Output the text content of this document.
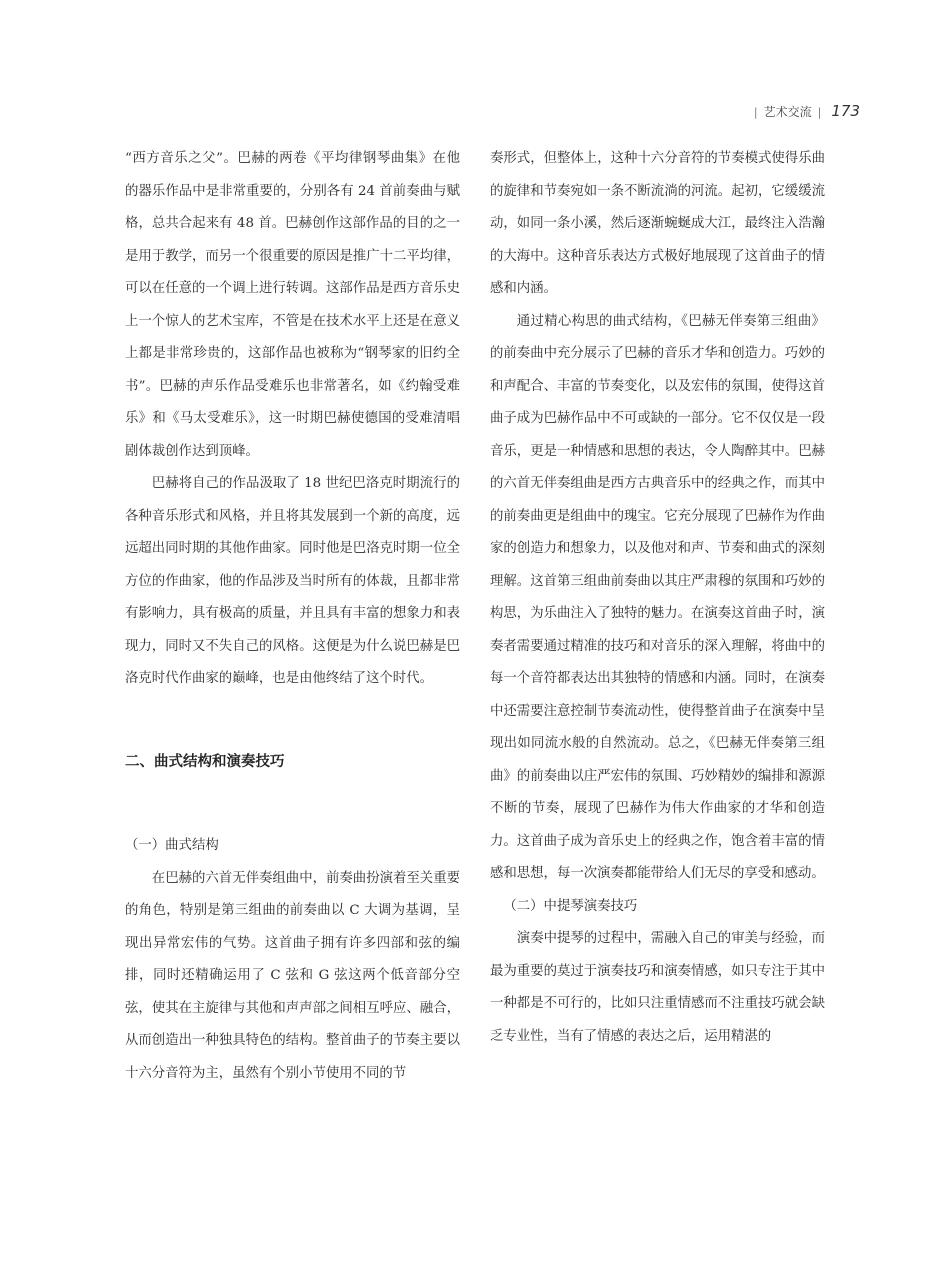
| 艺术交流 | 173

“西方音乐之父”。巴赫的两卷《平均律钢琴曲集》在他的器乐作品中是非常重要的，分别各有 24 首前奏曲与赋格，总共合起来有 48 首。巴赫创作这部作品的目的之一是用于教学，而另一个很重要的原因是推广十二平均律，可以在任意的一个调上进行转调。这部作品是西方音乐史上一个惊人的艺术宝库，不管是在技术水平上还是在意义上都是非常珍贵的，这部作品也被称为“钢琴家的旧约全书”。巴赫的声乐作品受难乐也非常著名，如《约翰受难乐》和《马太受难乐》，这一时期巴赫使德国的受难清唱剧体裁创作达到顶峰。

巴赫将自己的作品汲取了 18 世纪巴洛克时期流行的各种音乐形式和风格，并且将其发展到一个新的高度，远远超出同时期的其他作曲家。同时他是巴洛克时期一位全方位的作曲家，他的作品涉及当时所有的体裁，且都非常有影响力，具有极高的质量，并且具有丰富的想象力和表现力，同时又不失自己的风格。这便是为什么说巴赫是巴洛克时代作曲家的巅峰，也是由他终结了这个时代。

二、曲式结构和演奏技巧
（一）曲式结构

在巴赫的六首无伴奏组曲中，前奏曲扮演着至关重要的角色，特别是第三组曲的前奏曲以 C 大调为基调，呈现出异常宏伟的气势。这首曲子拥有许多四部和弦的编排，同时还精确运用了 C 弦和 G 弦这两个低音部分空弦，使其在主旋律与其他和声声部之间相互呼应、融合，从而创造出一种独具特色的结构。整首曲子的节奏主要以十六分音符为主，虽然有个别小节使用不同的节

奏形式，但整体上，这种十六分音符的节奏模式使得乐曲的旋律和节奏宛如一条不断流淌的河流。起初，它缓缓流动，如同一条小溪，然后逐渐蜿蜒成大江，最终注入浩瀚的大海中。这种音乐表达方式极好地展现了这首曲子的情感和内涵。

通过精心构思的曲式结构，《巴赫无伴奏第三组曲》的前奏曲中充分展示了巴赫的音乐才华和创造力。巧妙的和声配合、丰富的节奏变化，以及宏伟的氛围，使得这首曲子成为巴赫作品中不可或缺的一部分。它不仅仅是一段音乐，更是一种情感和思想的表达，令人陶醉其中。巴赫的六首无伴奏组曲是西方古典音乐中的经典之作，而其中的前奏曲更是组曲中的瑰宝。它充分展现了巴赫作为作曲家的创造力和想象力，以及他对和声、节奏和曲式的深刻理解。这首第三组曲前奏曲以其庄严肃穆的氛围和巧妙的构思，为乐曲注入了独特的魅力。在演奏这首曲子时，演奏者需要通过精准的技巧和对音乐的深入理解，将曲中的每一个音符都表达出其独特的情感和内涵。同时，在演奏中还需要注意控制节奏流动性，使得整首曲子在演奏中呈现出如同流水般的自然流动。总之，《巴赫无伴奏第三组曲》的前奏曲以庄严宏伟的氛围、巧妙精妙的编排和源源不断的节奏，展现了巴赫作为伟大作曲家的才华和创造力。这首曲子成为音乐史上的经典之作，饱含着丰富的情感和思想，每一次演奏都能带给人们无尽的享受和感动。

（二）中提琴演奏技巧

演奏中提琴的过程中，需融入自己的审美与经验，而最为重要的莫过于演奏技巧和演奏情感，如只专注于其中一种都是不可行的，比如只注重情感而不注重技巧就会缺乏专业性，当有了情感的表达之后，运用精湛的
